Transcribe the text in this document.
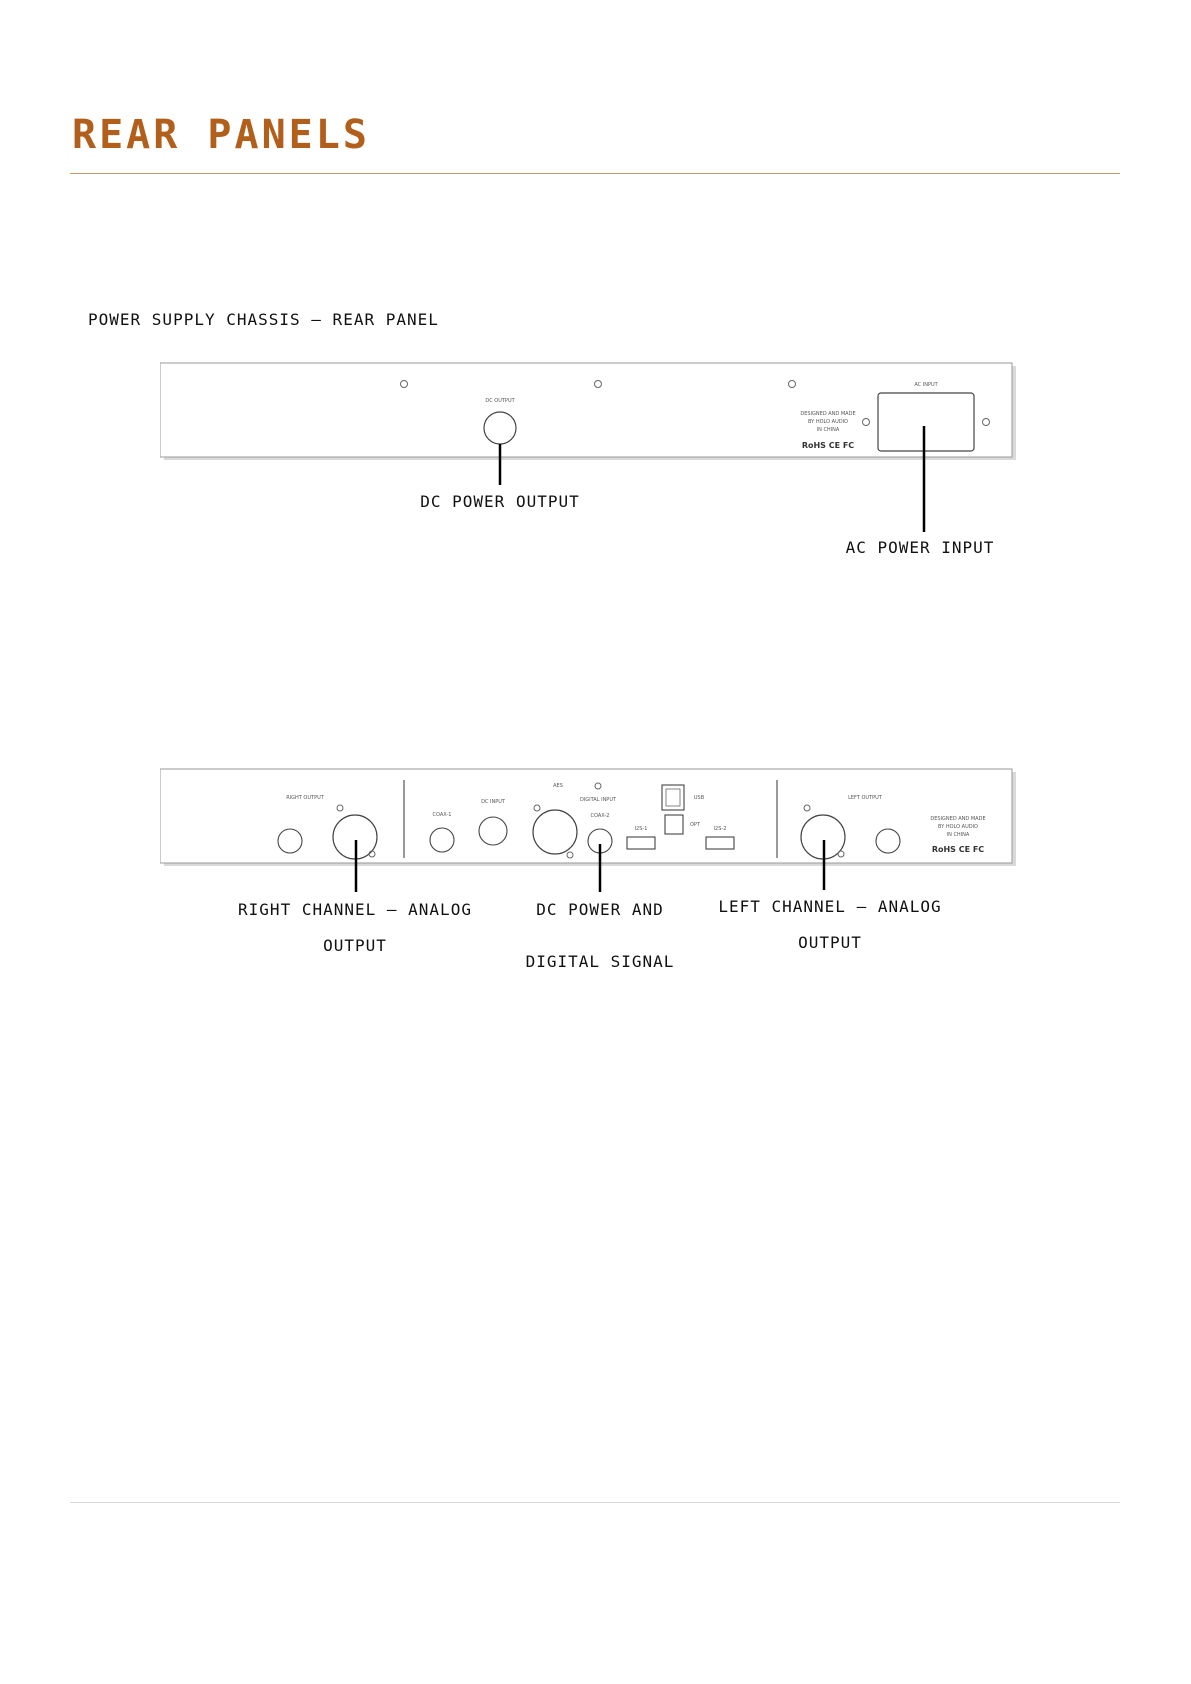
REAR PANELS
POWER SUPPLY CHASSIS – REAR PANEL
DC OUTPUT
DESIGNED AND MADE
BY HOLO AUDIO
IN CHINA
RoHS CE FC
AC INPUT
DC POWER OUTPUT
AC POWER INPUT
RIGHT OUTPUT
AES
DIGITAL INPUT
COAX-1
DC INPUT
COAX-2
I2S-1
USB
OPT
I2S-2
LEFT OUTPUT
DESIGNED AND MADE
BY HOLO AUDIO
IN CHINA
RoHS CE FC
RIGHT CHANNEL – ANALOG
OUTPUT
DC POWER AND

DIGITAL SIGNAL
LEFT CHANNEL – ANALOG
OUTPUT
